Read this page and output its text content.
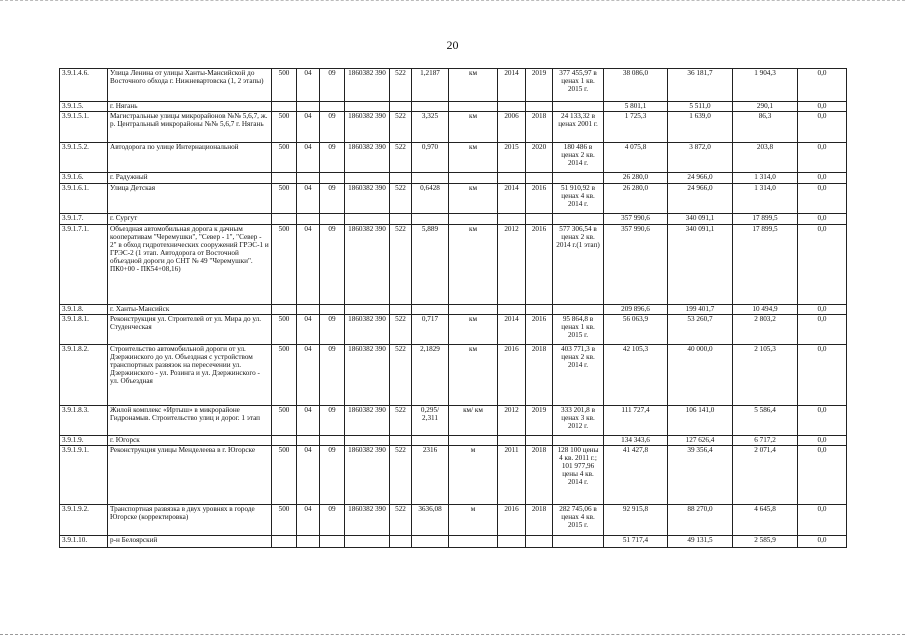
20
3.9.1.4.6.	Улица Ленина от улицы Ханты-Мансийской до Восточного обхода г. Нижневартовска (1, 2 этапы)	500	04	09	1860382 390	522	1,2187	км	2014	2019	377 455,97 в ценах 1 кв. 2015 г.	38 086,0	36 181,7	1 904,3	0,0
3.9.1.5.	г. Нягань											5 801,1	5 511,0	290,1	0,0
3.9.1.5.1.	Магистральные улицы микрорайонов №№ 5,6,7, ж. р. Центральный микрорайоны №№ 5,6,7 г. Нягань	500	04	09	1860382 390	522	3,325	км	2006	2018	24 133,32 в ценах 2001 г.	1 725,3	1 639,0	86,3	0,0
3.9.1.5.2.	Автодорога по улице Интернациональной	500	04	09	1860382 390	522	0,970	км	2015	2020	180 486 в ценах 2 кв. 2014 г.	4 075,8	3 872,0	203,8	0,0
3.9.1.6.	г. Радужный											26 280,0	24 966,0	1 314,0	0,0
3.9.1.6.1.	Улица Детская	500	04	09	1860382 390	522	0,6428	км	2014	2016	51 910,92 в ценах 4 кв. 2014 г.	26 280,0	24 966,0	1 314,0	0,0
3.9.1.7.	г. Сургут											357 990,6	340 091,1	17 899,5	0,0
3.9.1.7.1.	Объездная автомобильная дорога к дачным кооперативам "Черемушки", "Север - 1", "Север - 2" в обход гидротехнических сооружений ГРЭС-1 и ГРЭС-2 (1 этап. Автодорога от Восточной объездной дороги до СНТ № 49 "Черемушки". ПК0+00 - ПК54+08,16)	500	04	09	1860382 390	522	5,889	км	2012	2016	577 306,54 в ценах 2 кв. 2014 г.(1 этап)	357 990,6	340 091,1	17 899,5	0,0
3.9.1.8.	г. Ханты-Мансийск											209 896,6	199 401,7	10 494,9	0,0
3.9.1.8.1.	Реконструкция ул. Строителей от ул. Мира до ул. Студенческая	500	04	09	1860382 390	522	0,717	км	2014	2016	95 864,8 в ценах 1 кв. 2015 г.	56 063,9	53 260,7	2 803,2	0,0
3.9.1.8.2.	Строительство автомобильной дороги от ул. Дзержинского до ул. Объездная с устройством транспортных развязок на пересечении ул. Дзержинского - ул. Розинга и ул. Дзержинского - ул. Объездная	500	04	09	1860382 390	522	2,1829	км	2016	2018	403 771,3 в ценах 2 кв. 2014 г.	42 105,3	40 000,0	2 105,3	0,0
3.9.1.8.3.	Жилой комплекс «Иртыш» в микрорайоне Гидронамыв. Строительство улиц и дорог. 1 этап	500	04	09	1860382 390	522	0,295/ 2,311	км/ км	2012	2019	333 201,8 в ценах 3 кв. 2012 г.	111 727,4	106 141,0	5 586,4	0,0
3.9.1.9.	г. Югорск											134 343,6	127 626,4	6 717,2	0,0
3.9.1.9.1.	Реконструкция улицы Менделеева в г. Югорске	500	04	09	1860382 390	522	2316	м	2011	2018	128 100 цены 4 кв. 2011 г.; 101 977,96 цены 4 кв. 2014 г.	41 427,8	39 356,4	2 071,4	0,0
3.9.1.9.2.	Транспортная развязка в двух уровнях в городе Югорске (корректировка)	500	04	09	1860382 390	522	3636,08	м	2016	2018	282 745,06 в ценах 4 кв. 2015 г.	92 915,8	88 270,0	4 645,8	0,0
3.9.1.10.	р-н Белоярский											51 717,4	49 131,5	2 585,9	0,0
